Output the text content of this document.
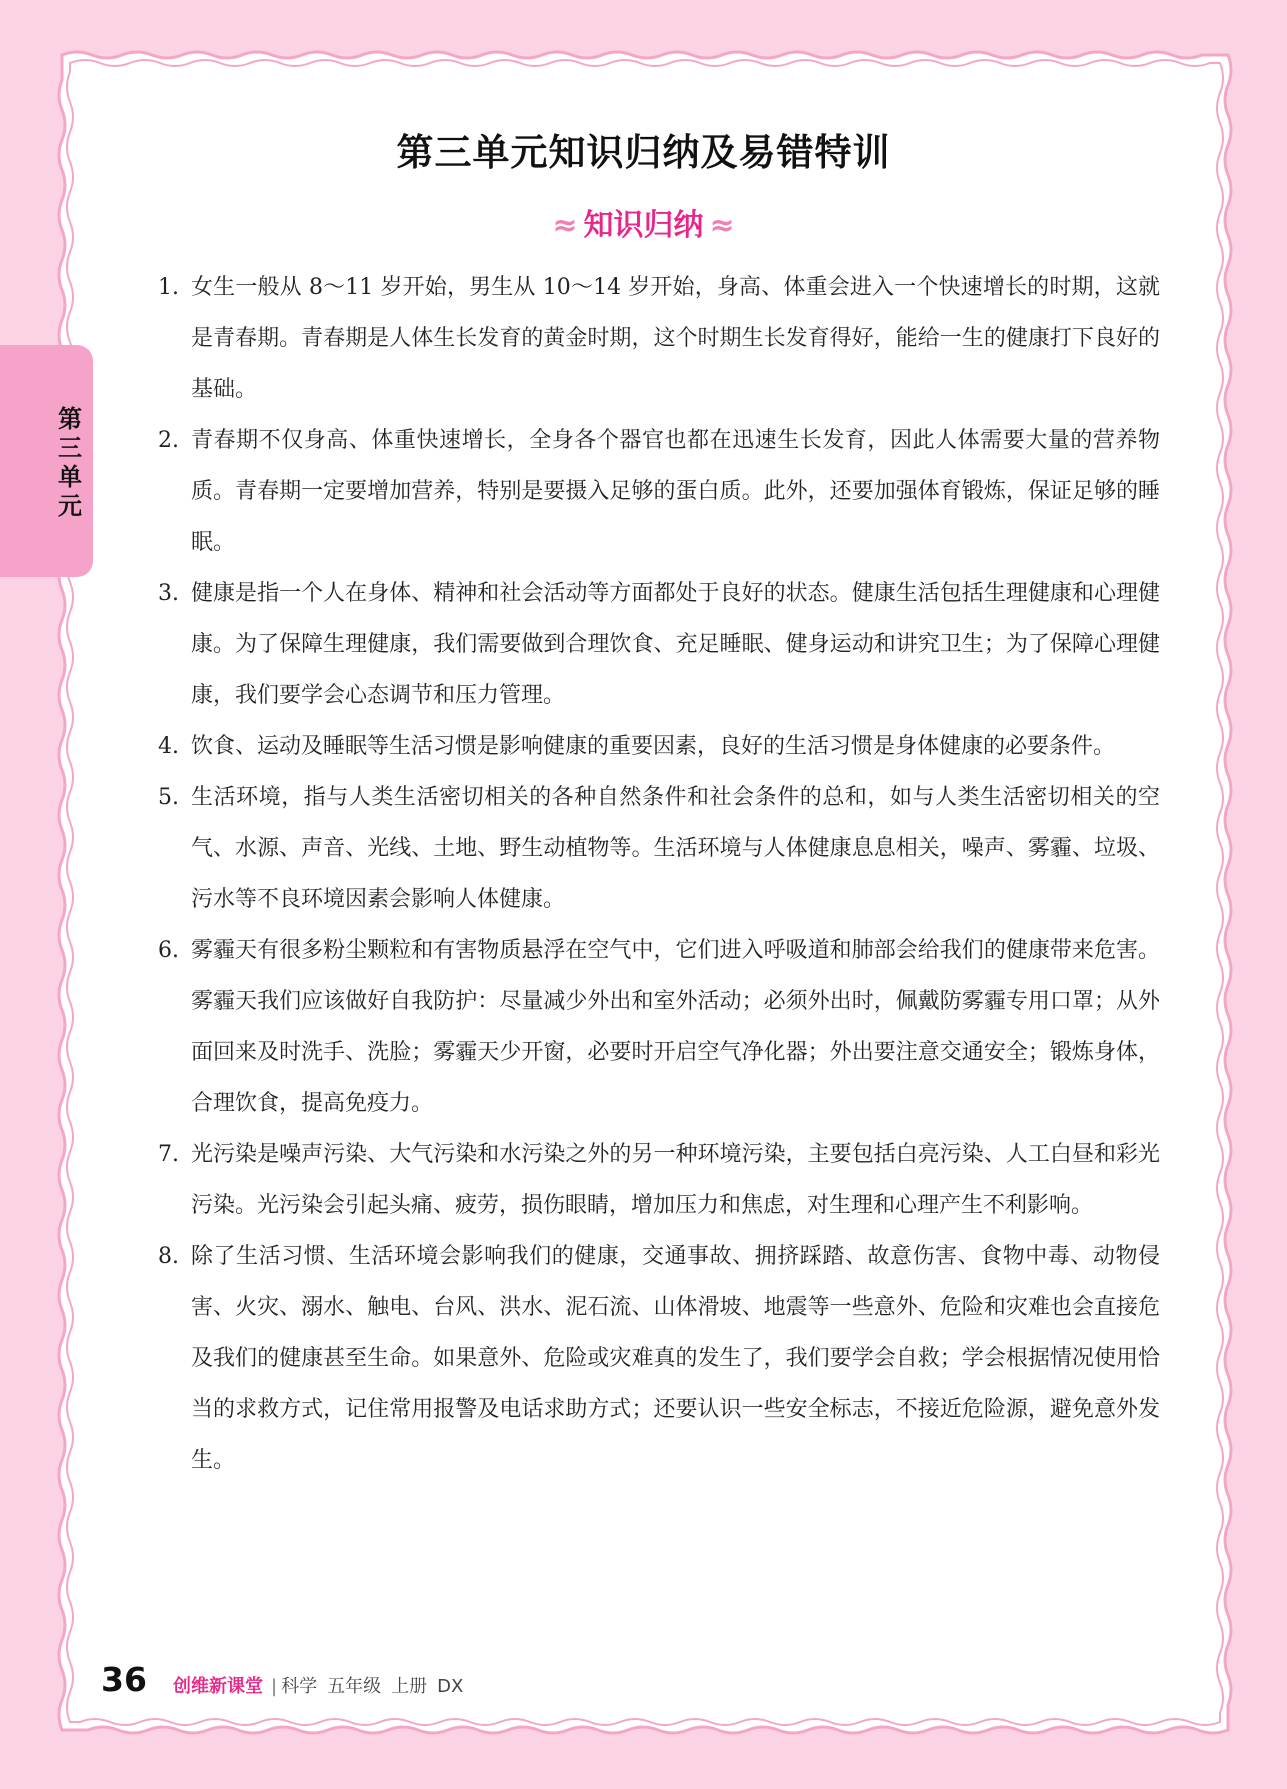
第三单元
第三单元知识归纳及易错特训
≈ 知识归纳 ≈
1. 女生一般从 8～11 岁开始，男生从 10～14 岁开始，身高、体重会进入一个快速增长的时期，这就是青春期。青春期是人体生长发育的黄金时期，这个时期生长发育得好，能给一生的健康打下良好的基础。
2. 青春期不仅身高、体重快速增长，全身各个器官也都在迅速生长发育，因此人体需要大量的营养物质。青春期一定要增加营养，特别是要摄入足够的蛋白质。此外，还要加强体育锻炼，保证足够的睡眠。
3. 健康是指一个人在身体、精神和社会活动等方面都处于良好的状态。健康生活包括生理健康和心理健康。为了保障生理健康，我们需要做到合理饮食、充足睡眠、健身运动和讲究卫生；为了保障心理健康，我们要学会心态调节和压力管理。
4. 饮食、运动及睡眠等生活习惯是影响健康的重要因素，良好的生活习惯是身体健康的必要条件。
5. 生活环境，指与人类生活密切相关的各种自然条件和社会条件的总和，如与人类生活密切相关的空气、水源、声音、光线、土地、野生动植物等。生活环境与人体健康息息相关，噪声、雾霾、垃圾、污水等不良环境因素会影响人体健康。
6. 雾霾天有很多粉尘颗粒和有害物质悬浮在空气中，它们进入呼吸道和肺部会给我们的健康带来危害。雾霾天我们应该做好自我防护：尽量减少外出和室外活动；必须外出时，佩戴防雾霾专用口罩；从外面回来及时洗手、洗脸；雾霾天少开窗，必要时开启空气净化器；外出要注意交通安全；锻炼身体，合理饮食，提高免疫力。
7. 光污染是噪声污染、大气污染和水污染之外的另一种环境污染，主要包括白亮污染、人工白昼和彩光污染。光污染会引起头痛、疲劳，损伤眼睛，增加压力和焦虑，对生理和心理产生不利影响。
8. 除了生活习惯、生活环境会影响我们的健康，交通事故、拥挤踩踏、故意伤害、食物中毒、动物侵害、火灾、溺水、触电、台风、洪水、泥石流、山体滑坡、地震等一些意外、危险和灾难也会直接危及我们的健康甚至生命。如果意外、危险或灾难真的发生了，我们要学会自救；学会根据情况使用恰当的求救方式，记住常用报警及电话求助方式；还要认识一些安全标志，不接近危险源，避免意外发生。
36 创维新课堂 | 科学 五年级 上册 DX
